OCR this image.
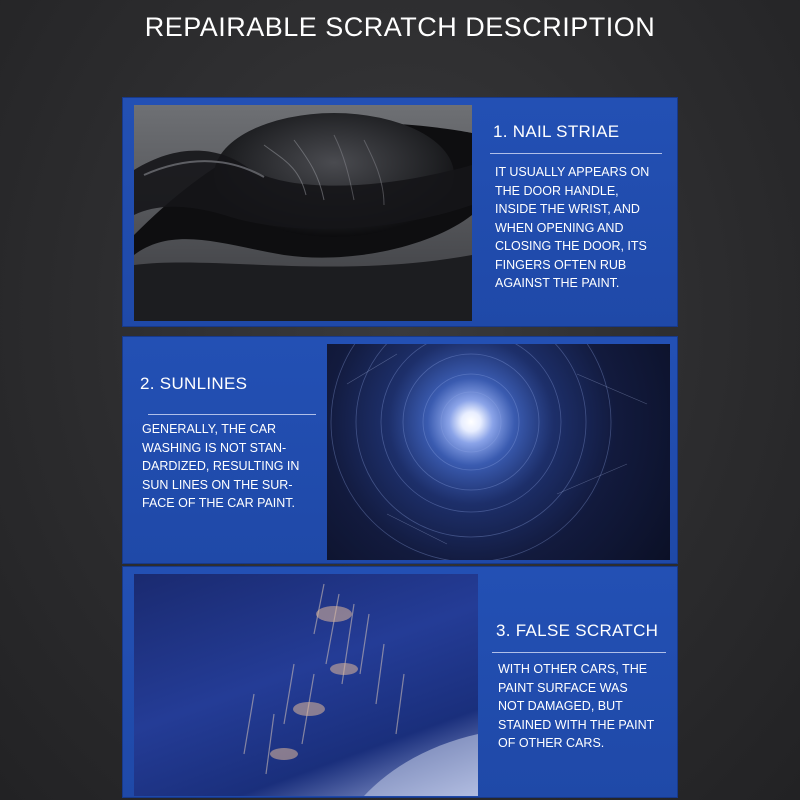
REPAIRABLE SCRATCH DESCRIPTION
1. NAIL STRIAE
IT USUALLY APPEARS ON
THE DOOR HANDLE,
INSIDE THE WRIST, AND
WHEN OPENING AND
CLOSING THE DOOR, ITS
FINGERS OFTEN RUB
AGAINST THE PAINT.
2. SUNLINES
GENERALLY, THE CAR
WASHING IS NOT STAN-
DARDIZED, RESULTING IN
SUN LINES ON THE SUR-
FACE OF THE CAR PAINT.
3. FALSE SCRATCH
WITH OTHER CARS, THE
PAINT SURFACE WAS
NOT DAMAGED, BUT
STAINED WITH THE PAINT
OF OTHER CARS.
